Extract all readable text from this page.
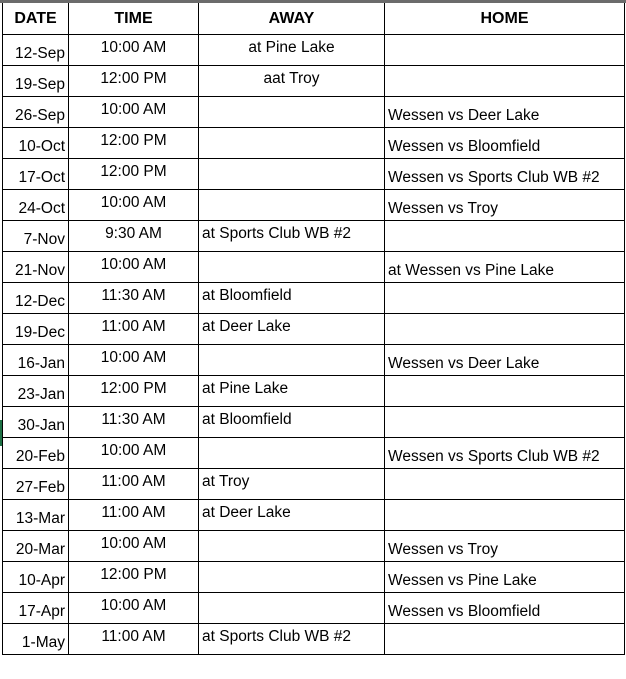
DATE	TIME	AWAY	HOME
12-Sep	10:00 AM	at Pine Lake	
19-Sep	12:00 PM	aat Troy	
26-Sep	10:00 AM		Wessen vs Deer Lake
10-Oct	12:00 PM		Wessen vs Bloomfield
17-Oct	12:00 PM		Wessen vs Sports Club WB #2
24-Oct	10:00 AM		Wessen vs Troy
7-Nov	9:30 AM	at Sports Club WB #2	
21-Nov	10:00 AM		at Wessen vs Pine Lake
12-Dec	11:30 AM	at Bloomfield	
19-Dec	11:00 AM	at Deer Lake	
16-Jan	10:00 AM		Wessen vs Deer Lake
23-Jan	12:00 PM	at Pine Lake	
30-Jan	11:30 AM	at Bloomfield	
20-Feb	10:00 AM		Wessen vs Sports Club WB #2
27-Feb	11:00 AM	at Troy	
13-Mar	11:00 AM	at Deer Lake	
20-Mar	10:00 AM		Wessen vs Troy
10-Apr	12:00 PM		Wessen vs Pine Lake
17-Apr	10:00 AM		Wessen vs Bloomfield
1-May	11:00 AM	at Sports Club WB #2	
